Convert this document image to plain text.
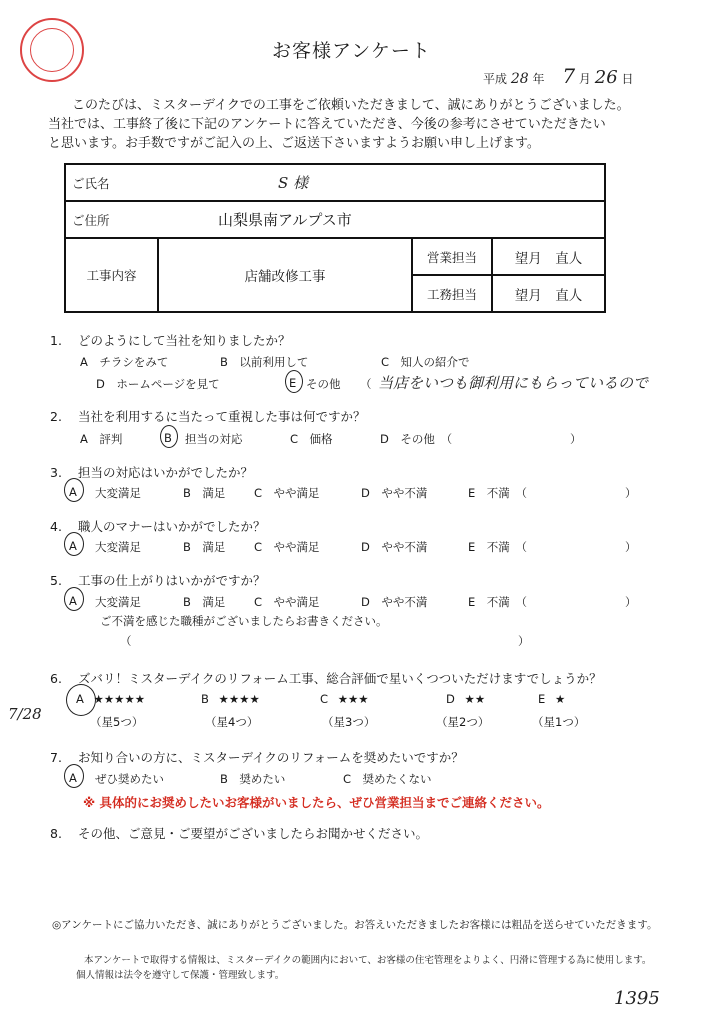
お客様アンケート
平成 28 年 7 月 26 日
このたびは、ミスターデイクでの工事をご依頼いただきまして、誠にありがとうございました。
当社では、工事終了後に下記のアンケートに答えていただき、今後の参考にさせていただきたい
と思います。お手数ですがご記入の上、ご返送下さいますようお願い申し上げます。
ご氏名	S 様		
ご住所	山梨県南アルプス市		
工事内容	店舗改修工事	営業担当	望月　直人
		工務担当	望月　直人
1. どのようにして当社を知りましたか？
A　チラシをみて	B　以前利用して	C　知人の紹介で
D　ホームページを見て	E その他 （ 当店をいつも御利用にもらっているので
2. 当社を利用するに当たって重視した事は何ですか？
A　評判	B 担当の対応	C　価格	D　その他　（	）
3. 担当の対応はいかがでしたか？
A 大変満足	B　満足 C　やや満足	D　やや不満	E　不満　（	）
4. 職人のマナーはいかがでしたか？
A 大変満足	B　満足 C　やや満足	D　やや不満	E　不満　（	）
5. 工事の仕上がりはいかがですか？
A 大変満足	B　満足 C　やや満足	D　やや不満	E　不満　（	）
ご不満を感じた職種がございましたらお書きください。
（	）
6. ズバリ！ミスターデイクのリフォーム工事、総合評価で星いくつついただけますでしょうか？
A ★★★★★
（星5つ）
B ★★★★
（星4つ）
C ★★★
（星3つ）
D ★★
（星2つ）
E ★
（星1つ）
7. お知り合いの方に、ミスターデイクのリフォームを奨めたいですか？
A ぜひ奨めたい	B　奨めたい	C　奨めたくない
※ 具体的にお奨めしたいお客様がいましたら、ぜひ営業担当までご連絡ください。
8. その他、ご意見・ご要望がございましたらお聞かせください。
◎アンケートにご協力いただき、誠にありがとうございました。お答えいただきましたお客様には粗品を送らせていただきます。
本アンケートで取得する情報は、ミスターデイクの範囲内において、お客様の住宅管理をよりよく、円滑に管理する為に使用します。
個人情報は法令を遵守して保護・管理致します。
7/28
1395
